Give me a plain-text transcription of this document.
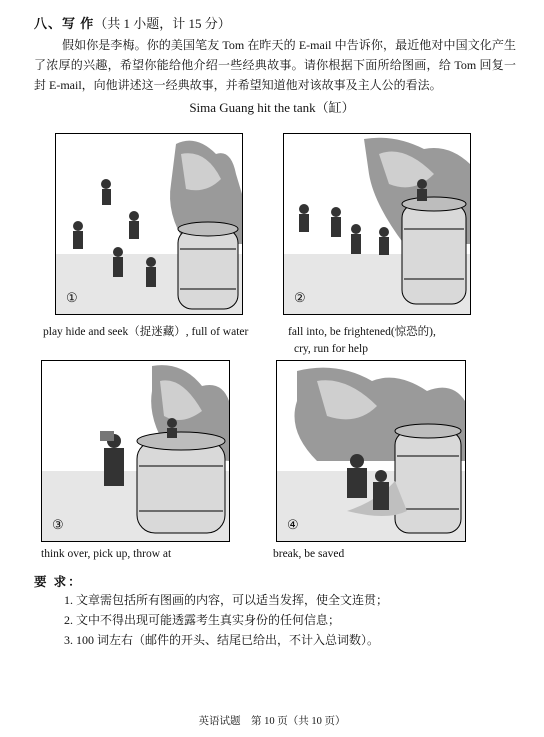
八、写 作（共 1 小题，计 15 分）
假如你是李梅。你的美国笔友 Tom 在昨天的 E-mail 中告诉你，最近他对中国文化产生了浓厚的兴趣，希望你能给他介绍一些经典故事。请你根据下面所给图画，给 Tom 回复一封 E-mail，向他讲述这一经典故事，并希望知道他对该故事及主人公的看法。
Sima Guang hit the tank（缸）
①
play hide and seek（捉迷藏）, full of water
②
fall into, be frightened(惊恐的),
cry, run for help
③
think over, pick up, throw at
④
break, be saved
要 求：
1. 文章需包括所有图画的内容，可以适当发挥，使全文连贯；
2. 文中不得出现可能透露考生真实身份的任何信息；
3. 100 词左右（邮件的开头、结尾已给出，不计入总词数）。
英语试题　第 10 页（共 10 页）
